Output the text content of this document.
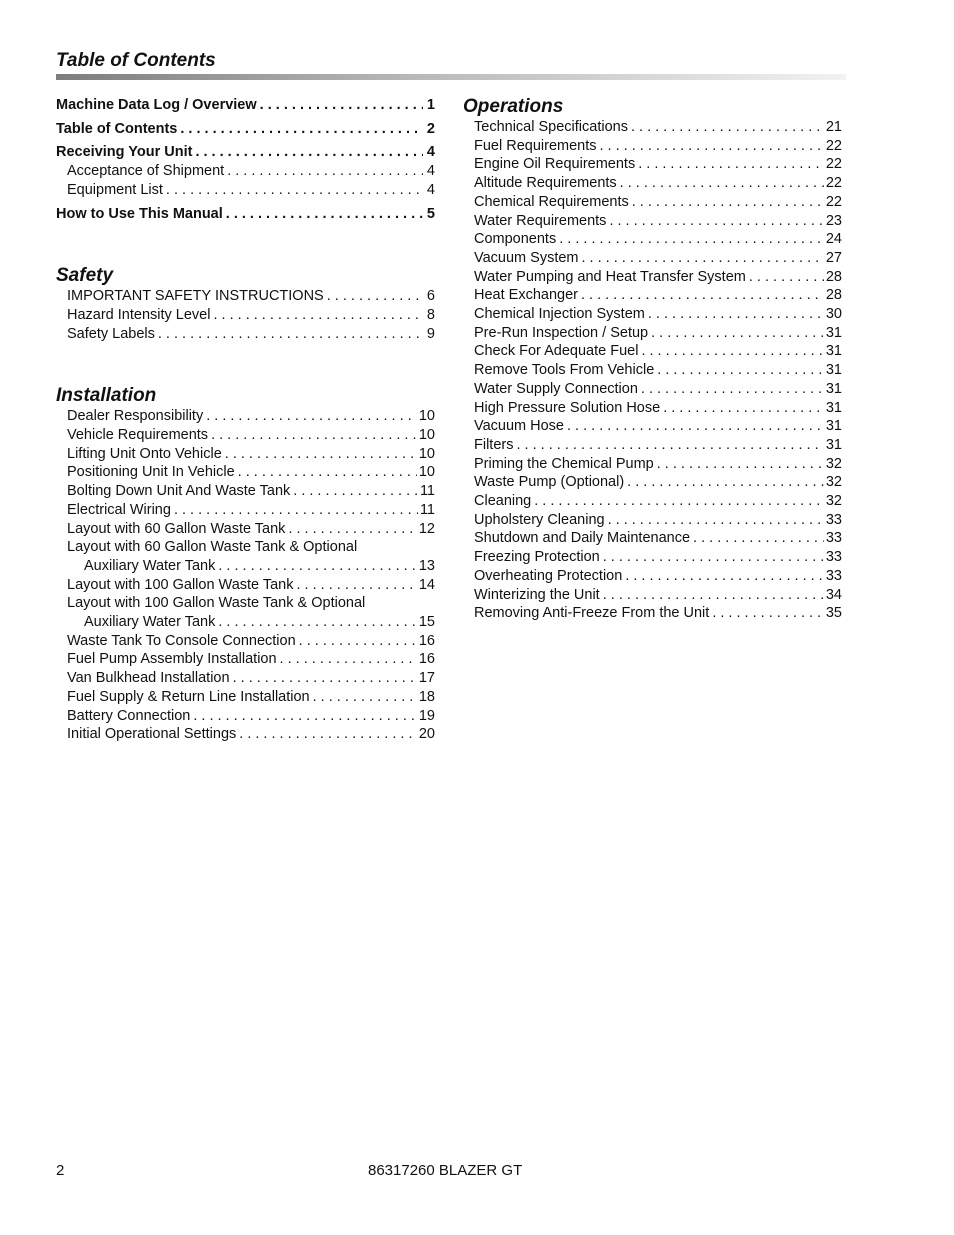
Table of Contents
Machine Data Log / Overview . . .	1
Table of Contents . . .	2
Receiving Your Unit . . .	4
Acceptance of Shipment . . .	4
Equipment List . . .	4
How to Use This Manual . . .	5
Safety
IMPORTANT SAFETY INSTRUCTIONS . . .	6
Hazard Intensity Level . . .	8
Safety Labels . . .	9
Installation
Dealer Responsibility . . .	10
Vehicle Requirements . . .	10
Lifting Unit Onto Vehicle . . .	10
Positioning Unit In Vehicle . . .	10
Bolting Down Unit And Waste Tank . . .	11
Electrical Wiring . . .	11
Layout with 60 Gallon Waste Tank . . .	12
Layout with 60 Gallon Waste Tank & Optional
Auxiliary Water Tank . . .	13
Layout with 100 Gallon Waste Tank . . .	14
Layout with 100 Gallon Waste Tank & Optional
Auxiliary Water Tank . . .	15
Waste Tank To Console Connection . . .	16
Fuel Pump Assembly Installation . . .	16
Van Bulkhead Installation . . .	17
Fuel Supply & Return Line Installation . . .	18
Battery Connection . . .	19
Initial Operational Settings . . .	20
Operations
Technical Specifications . . .	21
Fuel Requirements . . .	22
Engine Oil Requirements . . .	22
Altitude Requirements . . .	22
Chemical Requirements . . .	22
Water Requirements . . .	23
Components . . .	24
Vacuum System . . .	27
Water Pumping and Heat Transfer System . . .	28
Heat Exchanger . . .	28
Chemical Injection System . . .	30
Pre-Run Inspection / Setup . . .	31
Check For Adequate Fuel . . .	31
Remove Tools From Vehicle . . .	31
Water Supply Connection . . .	31
High Pressure Solution Hose . . .	31
Vacuum Hose . . .	31
Filters . . .	31
Priming the Chemical Pump . . .	32
Waste Pump (Optional) . . .	32
Cleaning . . .	32
Upholstery Cleaning . . .	33
Shutdown and Daily Maintenance . . .	33
Freezing Protection . . .	33
Overheating Protection . . .	33
Winterizing the Unit . . .	34
Removing Anti-Freeze From the Unit . . .	35
2	86317260 BLAZER GT
